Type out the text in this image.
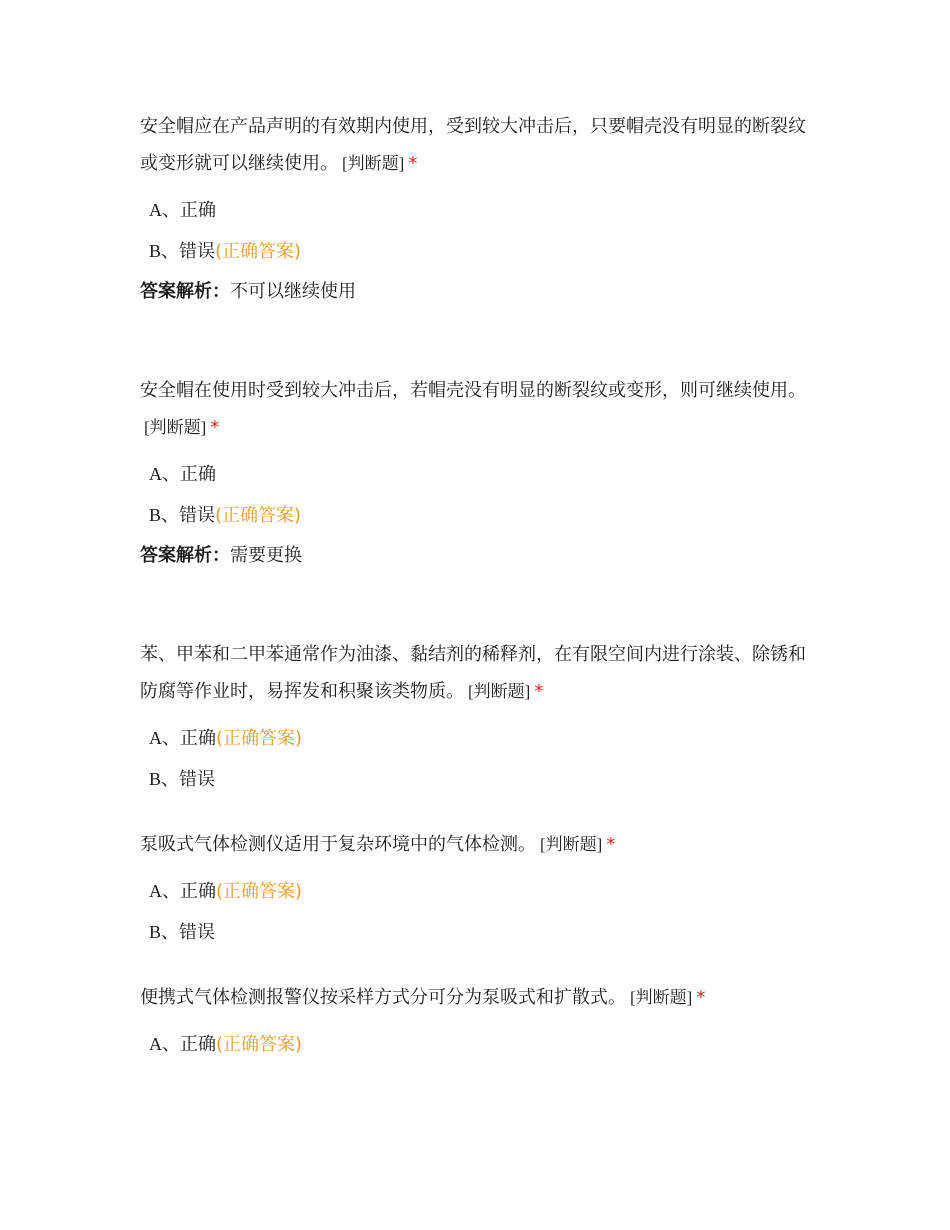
安全帽应在产品声明的有效期内使用，受到较大冲击后，只要帽壳没有明显的断裂纹或变形就可以继续使用。 [判断题] *

A、正确
B、错误(正确答案)

答案解析：不可以继续使用

安全帽在使用时受到较大冲击后，若帽壳没有明显的断裂纹或变形，则可继续使用。[判断题] *

A、正确
B、错误(正确答案)

答案解析：需要更换

苯、甲苯和二甲苯通常作为油漆、黏结剂的稀释剂，在有限空间内进行涂装、除锈和防腐等作业时，易挥发和积聚该类物质。 [判断题] *

A、正确(正确答案)
B、错误

泵吸式气体检测仪适用于复杂环境中的气体检测。 [判断题] *

A、正确(正确答案)
B、错误

便携式气体检测报警仪按采样方式分可分为泵吸式和扩散式。 [判断题] *

A、正确(正确答案)
